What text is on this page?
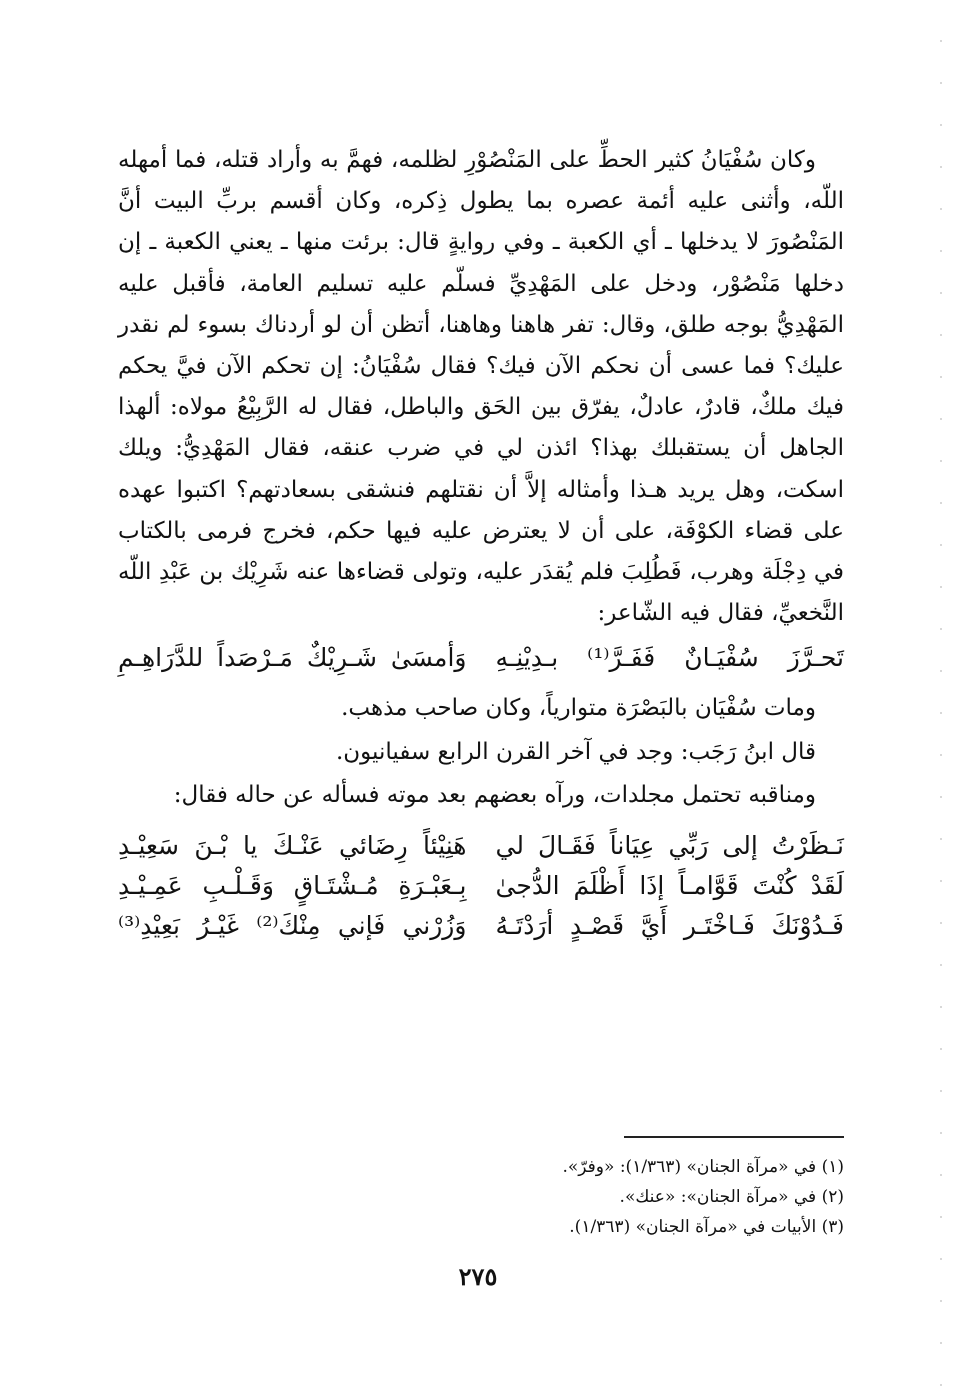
وكان سُفْيَانُ كثير الحطِّ على المَنْصُوْرِ لظلمه، فهمَّ به وأراد قتله، فما أمهله اللّه، وأثنى عليه أئمة عصره بما يطول ذِكره، وكان أقسم بربِّ البيت أنَّ المَنْصُورَ لا يدخلها ـ أي الكعبة ـ وفي روايةٍ قال: برئت منها ـ يعني الكعبة ـ إن دخلها مَنْصُوْر، ودخل على المَهْدِيِّ فسلّم عليه تسليم العامة، فأقبل عليه المَهْدِيُّ بوجه طلق، وقال: تفر هاهنا وهاهنا، أتظن أن لو أردناك بسوء لم نقدر عليك؟ فما عسى أن نحكم الآن فيك؟ فقال سُفْيَانُ: إن تحكم الآن فيَّ يحكم فيك ملكٌ، قادرٌ، عادلٌ، يفرّق بين الحَق والباطل، فقال له الرَّبِيْعُ مولاه: ألهذا الجاهل أن يستقبلك بهذا؟ ائذن لي في ضرب عنقه، فقال المَهْدِيُّ: ويلك اسكت، وهل يريد هـذا وأمثاله إلاَّ أن نقتلهم فنشقى بسعادتهم؟ اكتبوا عهده على قضاء الكوْفَة، على أن لا يعترض عليه فيها حكم، فخرج فرمى بالكتاب في دِجْلَة وهرب، فَطُلِبَ فلم يُقدَر عليه، وتولى قضاءها عنه شَرِيْك بن عَبْدِ اللّه النَّخعيِّ، فقال فيه الشّاعر:

تَحـرَّزَ سُفْيَـانٌ فَفَـرَّ⁽¹⁾ بـدِيْنِـهِ
وَأمسَىٰ شَـرِيْكٌ مَـرْصَداً للدَّرَاهِـمِ

ومات سُفْيَان بالبَصْرَة متوارياً، وكان صاحب مذهب.

قال ابنُ رَجَب: وجد في آخر القرن الرابع سفيانيون.

ومناقبه تحتمل مجلدات، ورآه بعضهم بعد موته فسأله عن حاله فقال:

نَـظَرْتُ إلى رَبِّي عِيَاناً فَقَـالَ لي
هَنِيْئاً رِضَائي عَنْـكَ يا بْـنَ سَعِيْـدِ
لَقَدْ كُنْتَ قَوَّامـاً إذَا أَظْلَمَ الدُّجىٰ
بِـعَبْـرَةِ مُـشْتَـاقٍ وَقَـلْـبِ عَمِـيْـدِ
فَـدُوْنَكَ فَـاخْتَـر أَيَّ قَصْـدٍ أرَدْتَـهُ
وَزُرْني فَإني مِنْكَ⁽²⁾ غَيْـرُ بَعِيْدِ⁽³⁾
(١) في «مرآة الجنان» (١/٣٦٣): «وفرّ».
(٢) في «مرآة الجنان»: «عنك».
(٣) الأبيات في «مرآة الجنان» (١/٣٦٣).
٢٧٥
